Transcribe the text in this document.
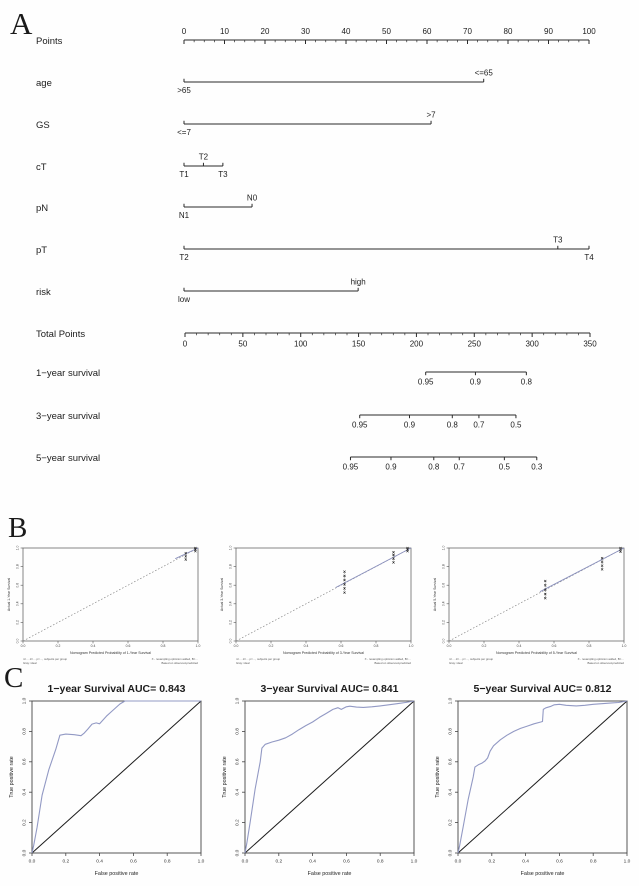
A
B
C
Points
0	10	20	30	40	50	60	70	80	90	100
age
>65
<=65
GS
<=7
>7
cT
T1	T3
T2
pN
N1
N0
pT
T2	T4
T3
risk
low
high
Total Points
0	50	100	150	200	250	300	350
1−year survival
0.95	0.9	0.8
3−year survival
0.95	0.9	0.8 0.7	0.5
5−year survival
0.95	0.9	0.8 0.7	0.5	0.3
0.0
0.0
0.2
0.2
0.4
0.4
0.6
0.6
0.8
0.8
1.0
1.0
Nomogram Predicted Probability of 1-Year Survival
Actual 1-Year Survival
n=… d=… p=…, subjects per group
Gray: ideal
X - resampling optimism added, B=…
Based on observed-predicted
0.0
0.0
0.2
0.2
0.4
0.4
0.6
0.6
0.8
0.8
1.0
1.0
Nomogram Predicted Probability of 3-Year Survival
Actual 3-Year Survival
n=… d=… p=…, subjects per group
Gray: ideal
X - resampling optimism added, B=…
Based on observed-predicted
0.0
0.0
0.2
0.2
0.4
0.4
0.6
0.6
0.8
0.8
1.0
1.0
Nomogram Predicted Probability of 5-Year Survival
Actual 5-Year Survival
n=… d=… p=…, subjects per group
Gray: ideal
X - resampling optimism added, B=…
Based on observed-predicted
1−year Survival AUC= 0.843
0.0
0.0
0.2
0.2
0.4
0.4
0.6
0.6
0.8
0.8
1.0
1.0
False positive rate
True positive rate
3−year Survival AUC= 0.841
0.0
0.0
0.2
0.2
0.4
0.4
0.6
0.6
0.8
0.8
1.0
1.0
False positive rate
True positive rate
5−year Survival AUC= 0.812
0.0
0.0
0.2
0.2
0.4
0.4
0.6
0.6
0.8
0.8
1.0
1.0
False positive rate
True positive rate
